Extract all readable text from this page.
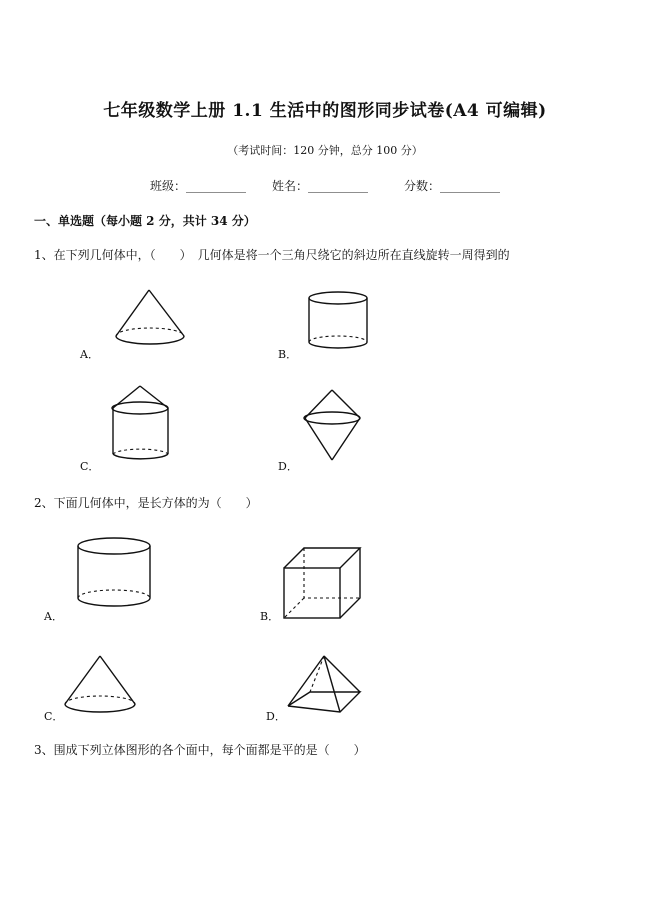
七年级数学上册 1.1 生活中的图形同步试卷(A4 可编辑)
（考试时间：120 分钟，总分 100 分）
班级：__________ 姓名：__________	分数：__________
一、单选题（每小题 2 分，共计 34 分）
1、在下列几何体中，（　　）　几何体是将一个三角尺绕它的斜边所在直线旋转一周得到的
A．	B．
C．	D．
2、下面几何体中，是长方体的为（　　）
A．	B．
C．	D．
3、围成下列立体图形的各个面中，每个面都是平的是（　　）
